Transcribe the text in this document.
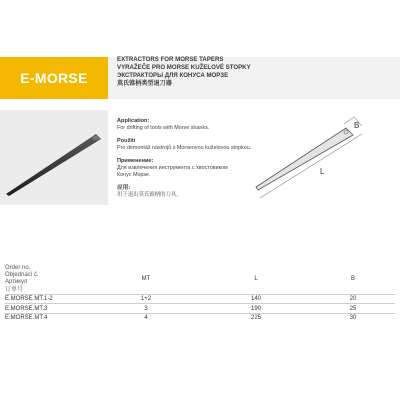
E-MORSE
EXTRACTORS FOR MORSE TAPERS
VYRAŽEČE PRO MORSE KUŽELOVÉ STOPKY
ЭКСТРАКТОРЫ ДЛЯ КОНУСА МОРЗЕ
莫氏锥柄类型退刀器
Application:
For drifting of tools with Morse shanks.
Použití
Pro demontáž nástrojů s Morseovou kuželovou stopkou.
Применение:
Для извлечения инструмента с хвостовиком
Конус Морзе.
应用:
用于退出莫氏锥柄的刀具。
B
L
Order no.
Objednací č.
Артикул
订单号	MT	L	B
E.MORSE.MT.1-2	1+2	140	20
E.MORSE.MT.3	3	190	25
E.MORSE.MT.4	4	225	30
